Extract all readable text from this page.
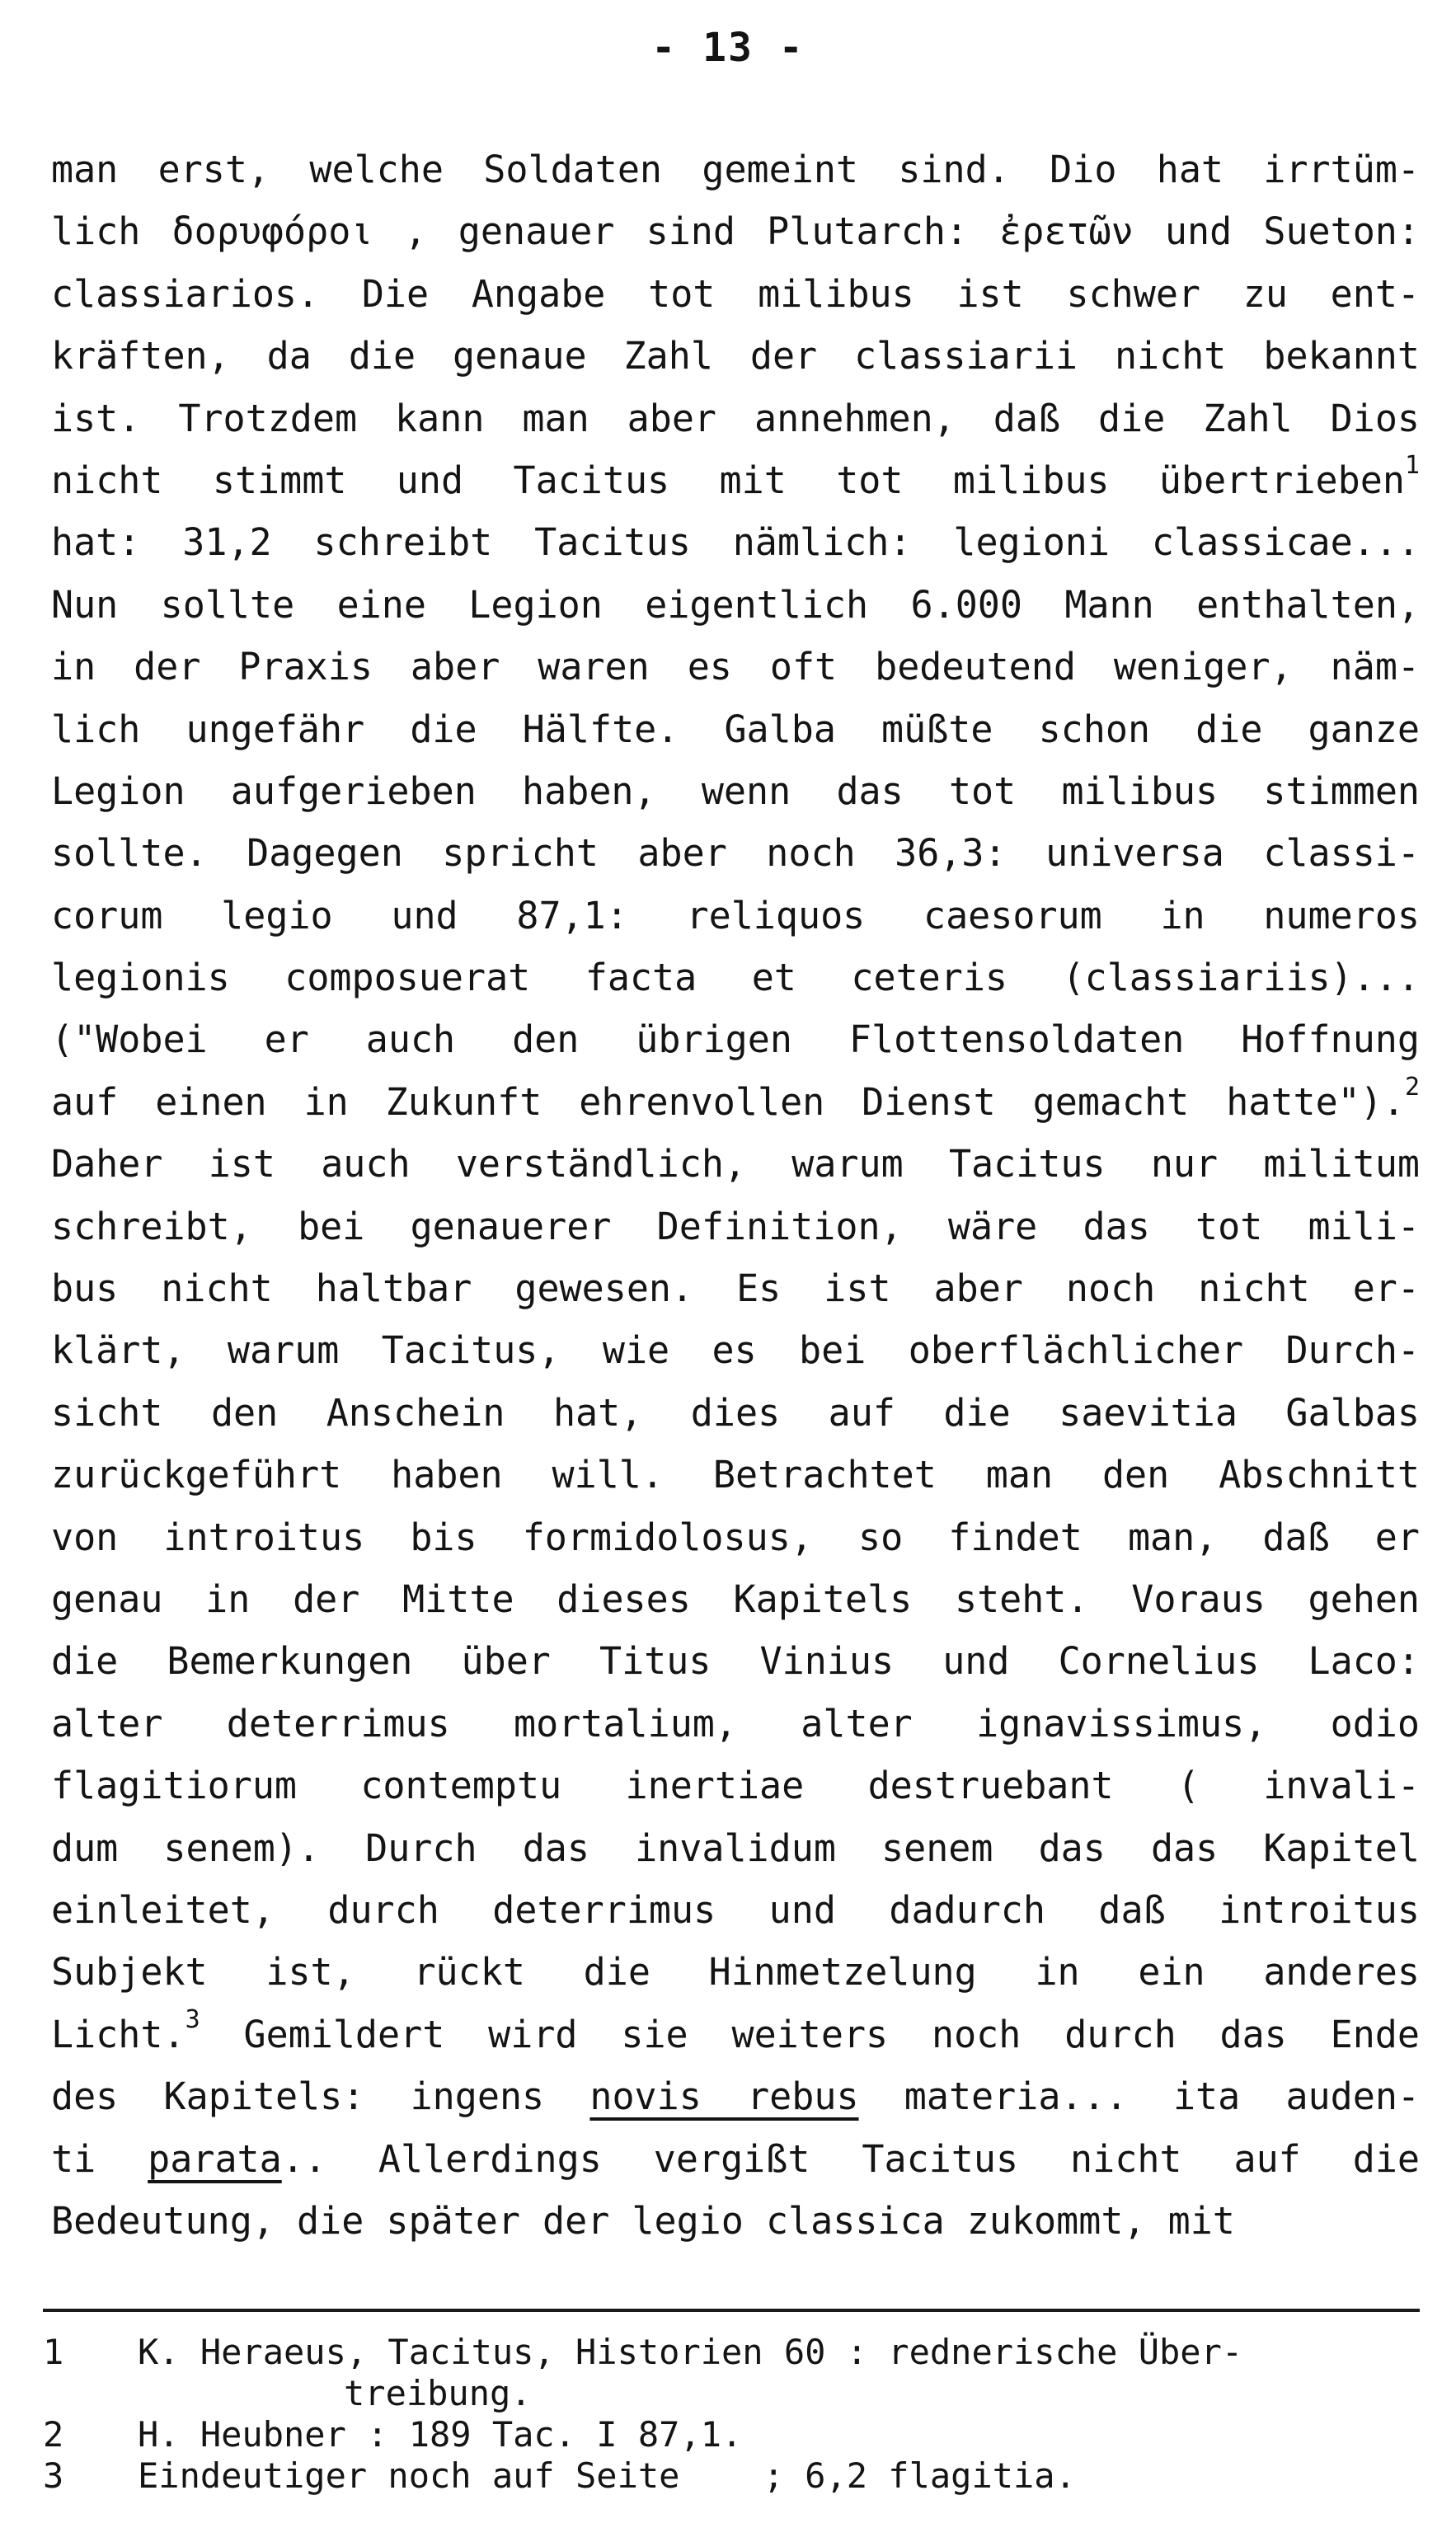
- 13 -
man erst, welche Soldaten gemeint sind. Dio hat irrtüm-
lich δορυφόροι , genauer sind Plutarch: ἐρετῶν und Sueton:
classiarios. Die Angabe tot milibus ist schwer zu ent-
kräften, da die genaue Zahl der classiarii nicht bekannt
ist. Trotzdem kann man aber annehmen, daß die Zahl Dios
nicht stimmt und Tacitus mit tot milibus übertrieben$^1$
hat: 31,2 schreibt Tacitus nämlich: legioni classicae...
Nun sollte eine Legion eigentlich 6.000 Mann enthalten,
in der Praxis aber waren es oft bedeutend weniger, näm-
lich ungefähr die Hälfte. Galba müßte schon die ganze
Legion aufgerieben haben, wenn das tot milibus stimmen
sollte. Dagegen spricht aber noch 36,3: universa classi-
corum legio und 87,1: reliquos caesorum in numeros
legionis composuerat facta et ceteris (classiariis)...
("Wobei er auch den übrigen Flottensoldaten Hoffnung
auf einen in Zukunft ehrenvollen Dienst gemacht hatte").$^2$
Daher ist auch verständlich, warum Tacitus nur militum
schreibt, bei genauerer Definition, wäre das tot mili-
bus nicht haltbar gewesen. Es ist aber noch nicht er-
klärt, warum Tacitus, wie es bei oberflächlicher Durch-
sicht den Anschein hat, dies auf die saevitia Galbas
zurückgeführt haben will. Betrachtet man den Abschnitt
von introitus bis formidolosus, so findet man, daß er
genau in der Mitte dieses Kapitels steht. Voraus gehen
die Bemerkungen über Titus Vinius und Cornelius Laco:
alter deterrimus mortalium, alter ignavissimus, odio
flagitiorum contemptu inertiae destruebant ( invali-
dum senem). Durch das invalidum senem das das Kapitel
einleitet, durch deterrimus und dadurch daß introitus
Subjekt ist, rückt die Hinmetzelung in ein anderes
Licht.$^3$ Gemildert wird sie weiters noch durch das Ende
des Kapitels: ingens novis rebus materia... ita auden-
ti parata.. Allerdings vergißt Tacitus nicht auf die
Bedeutung, die später der legio classica zukommt, mit
1	K. Heraeus, Tacitus, Historien 60 : rednerische Über-
treibung.
2	H. Heubner : 189 Tac. I 87,1.
3	Eindeutiger noch auf Seite    ; 6,2 flagitia.
